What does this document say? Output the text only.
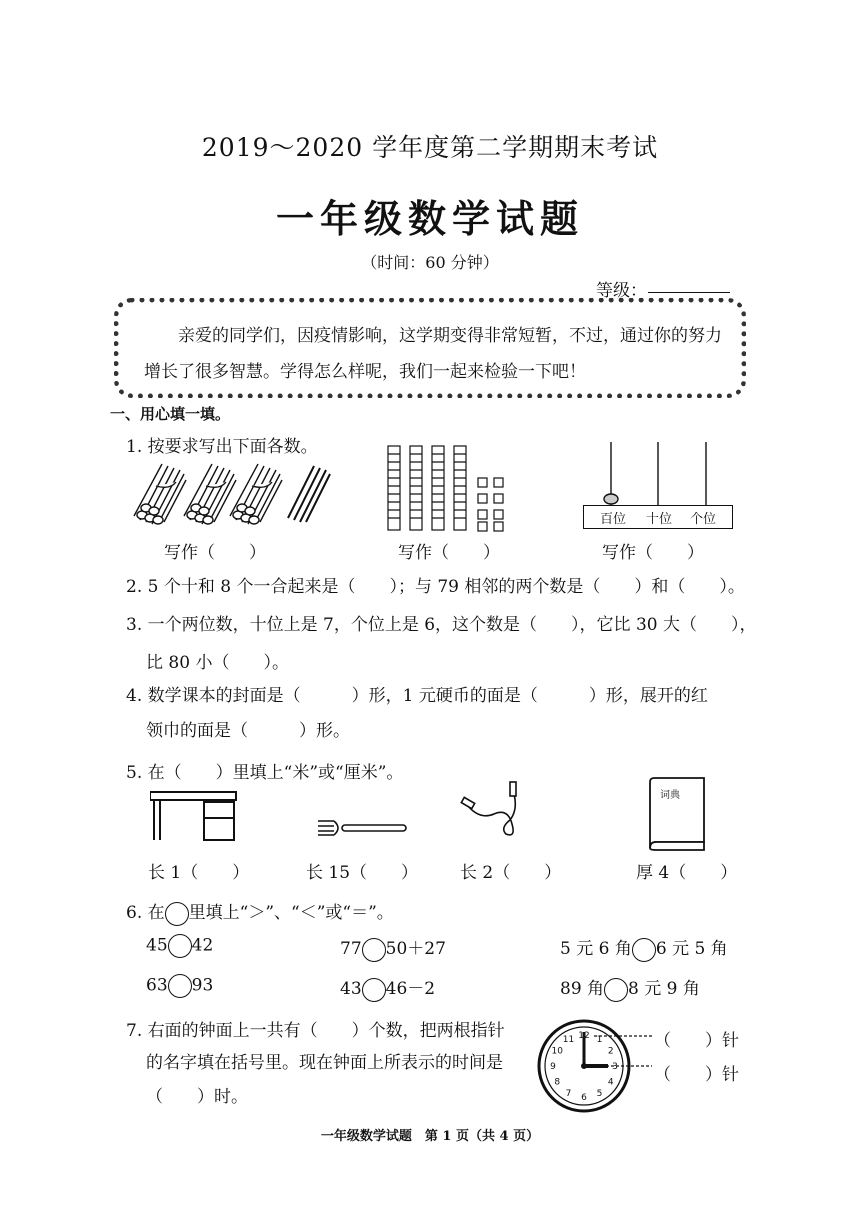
2019～2020 学年度第二学期期末考试
一年级数学试题
（时间：60 分钟）
等级：
亲爱的同学们，因疫情影响，这学期变得非常短暂，不过，通过你的努力增长了很多智慧。学得怎么样呢，我们一起来检验一下吧！
一、用心填一填。
1. 按要求写出下面各数。
百位 十位 个位
写作（　　）	写作（　　）	写作（　　）
2. 5 个十和 8 个一合起来是（　　）；与 79 相邻的两个数是（　　）和（　　）。
3. 一个两位数，十位上是 7，个位上是 6，这个数是（　　），它比 30 大（　　），
比 80 小（　　）。
4. 数学课本的封面是（　　　）形，1 元硬币的面是（　　　）形，展开的红
领巾的面是（　　　）形。
5. 在（　　）里填上“米”或“厘米”。
词典
长 1（　　）	长 15（　　） 长 2（　　）	厚 4（　　）
6. 在 里填上“＞”、“＜”或“＝”。
45 42	77 50＋27	5 元 6 角 6 元 5 角
63 93	43 46－2	89 角 8 元 9 角
7. 右面的钟面上一共有（　　）个数，把两根指针
的名字填在括号里。现在钟面上所表示的时间是
（　　）时。
12 1
2
3
4
5
6
7
8
9
10
11	（　　）针
（　　）针
一年级数学试题　第 1 页（共 4 页）
